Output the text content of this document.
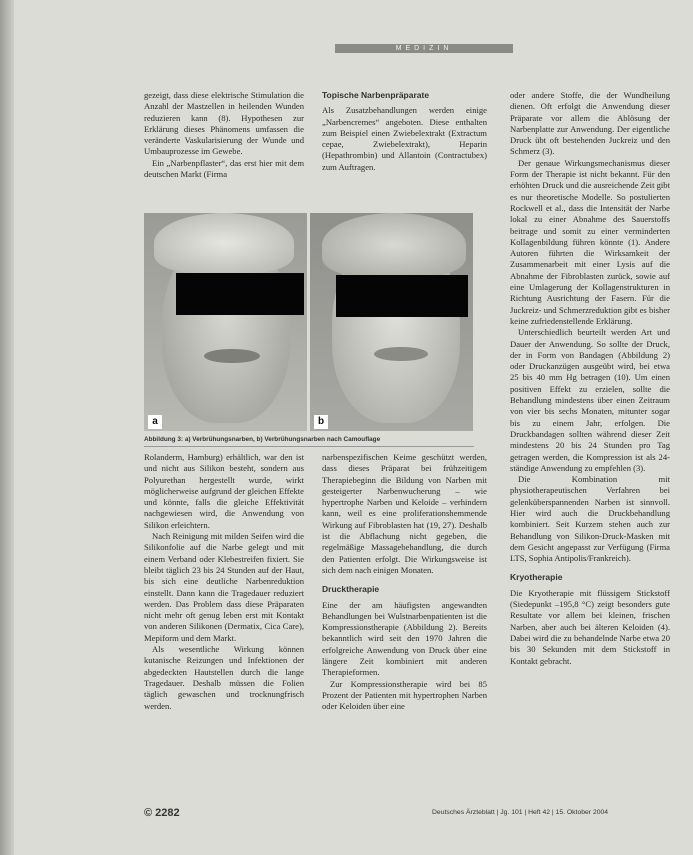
MEDIZIN

gezeigt, dass diese elektrische Stimulation die Anzahl der Mastzellen in heilenden Wunden reduzieren kann (8). Hypothesen zur Erklärung dieses Phänomens umfassen die veränderte Vaskularisierung der Wunde und Umbauprozesse im Gewebe.

Ein „Narbenpflaster“, das erst hier mit dem deutschen Markt (Firma

Topische Narbenpräparate

Als Zusatzbehandlungen werden einige „Narbencremes“ angeboten. Diese enthalten zum Beispiel einen Zwiebelextrakt (Extractum cepae, Zwiebelextrakt), Heparin (Hepathrombin) und Allantoin (Contractubex) zum Auftragen.

a	b
Abbildung 3: a) Verbrühungsnarben, b) Verbrühungsnarben nach Camouflage

oder andere Stoffe, die der Wundheilung dienen. Oft erfolgt die Anwendung dieser Präparate vor allem die Ablösung der Narbenplatte zur Anwendung. Der eigentliche Druck übt oft bestehenden Juckreiz und den Schmerz (3).

Der genaue Wirkungsmechanismus dieser Form der Therapie ist nicht bekannt. Für den erhöhten Druck und die ausreichende Zeit gibt es nur theoretische Modelle. So postulierten Rockwell et al., dass die Intensität der Narbe lokal zu einer Abnahme des Sauerstoffs beitrage und somit zu einer verminderten Kollagenbildung führen könnte (1). Andere Autoren führten die Wirksamkeit der Zusammenarbeit mit einer Lysis auf die Abnahme der Fibroblasten zurück, sowie auf eine Umlagerung der Kollagenstrukturen in Richtung Ausrichtung der Fasern. Für die Juckreiz- und Schmerzreduktion gibt es bisher keine zufriedenstellende Erklärung.

Unterschiedlich beurteilt werden Art und Dauer der Anwendung. So sollte der Druck, der in Form von Bandagen (Abbildung 2) oder Druckanzügen ausgeübt wird, bei etwa 25 bis 40 mm Hg betragen (10). Um einen positiven Effekt zu erzielen, sollte die Behandlung mindestens über einen Zeitraum von vier bis sechs Monaten, mitunter sogar bis zu einem Jahr, erfolgen. Die Druckbandagen sollten während dieser Zeit mindestens 20 bis 24 Stunden pro Tag getragen werden, die Kompression ist als 24-ständige Anwendung zu empfehlen (3).

Die Kombination mit physiotherapeutischen Verfahren bei gelenküberspannenden Narben ist sinnvoll. Hier wird auch die Druckbehandlung kombiniert. Seit Kurzem stehen auch zur Behandlung von Silikon-Druck-Masken mit dem Gesicht angepasst zur Verfügung (Firma LTS, Sophia Antipolis/Frankreich).

Kryotherapie

Die Kryotherapie mit flüssigem Stickstoff (Siedepunkt –195,8 °C) zeigt besonders gute Resultate vor allem bei kleinen, frischen Narben, aber auch bei älteren Keloiden (4). Dabei wird die zu behandelnde Narbe etwa 20 bis 30 Sekunden mit dem Stickstoff in Kontakt gebracht.

Rolanderm, Hamburg) erhältlich, war den ist und nicht aus Silikon besteht, sondern aus Polyurethan hergestellt wurde, wirkt möglicherweise aufgrund der gleichen Effekte und könnte, falls die gleiche Effektivität nachgewiesen wird, die Anwendung von Silikon erleichtern.

Nach Reinigung mit milden Seifen wird die Silikonfolie auf die Narbe gelegt und mit einem Verband oder Klebestreifen fixiert. Sie bleibt täglich 23 bis 24 Stunden auf der Haut, bis sich eine deutliche Narbenreduktion einstellt. Dann kann die Tragedauer reduziert werden. Das Problem dass diese Präparaten nicht mehr oft genug leben erst mit Kontakt von anderen Silikonen (Dermatix, Cica Care), Mepiform und dem Markt.

Als wesentliche Wirkung können kutanische Reizungen und Infektionen der abgedeckten Hautstellen durch die lange Tragedauer. Deshalb müssen die Folien täglich gewaschen und trocknungfrisch werden.

narbenspezifischen Keime geschützt werden, dass dieses Präparat bei frühzeitigem Therapiebeginn die Bildung von Narben mit gesteigerter Narbenwucherung – wie hypertrophe Narben und Keloide – verhindern kann, weil es eine proliferationshemmende Wirkung auf Fibroblasten hat (19, 27). Deshalb ist die Abflachung nicht gegeben, die regelmäßige Massagebehandlung, die durch den Patienten erfolgt. Die Wirkungsweise ist sich dem nach einigen Monaten.

Drucktherapie

Eine der am häufigsten angewandten Behandlungen bei Wulstnarbenpatienten ist die Kompressionstherapie (Abbildung 2). Bereits bekanntlich wird seit den 1970 Jahren die erfolgreiche Anwendung von Druck über eine längere Zeit kombiniert mit anderen Therapieformen.

Zur Kompressionstherapie wird bei 85 Prozent der Patienten mit hypertrophen Narben oder Keloiden über eine

© 2282	Deutsches Ärzteblatt | Jg. 101 | Heft 42 | 15. Oktober 2004
